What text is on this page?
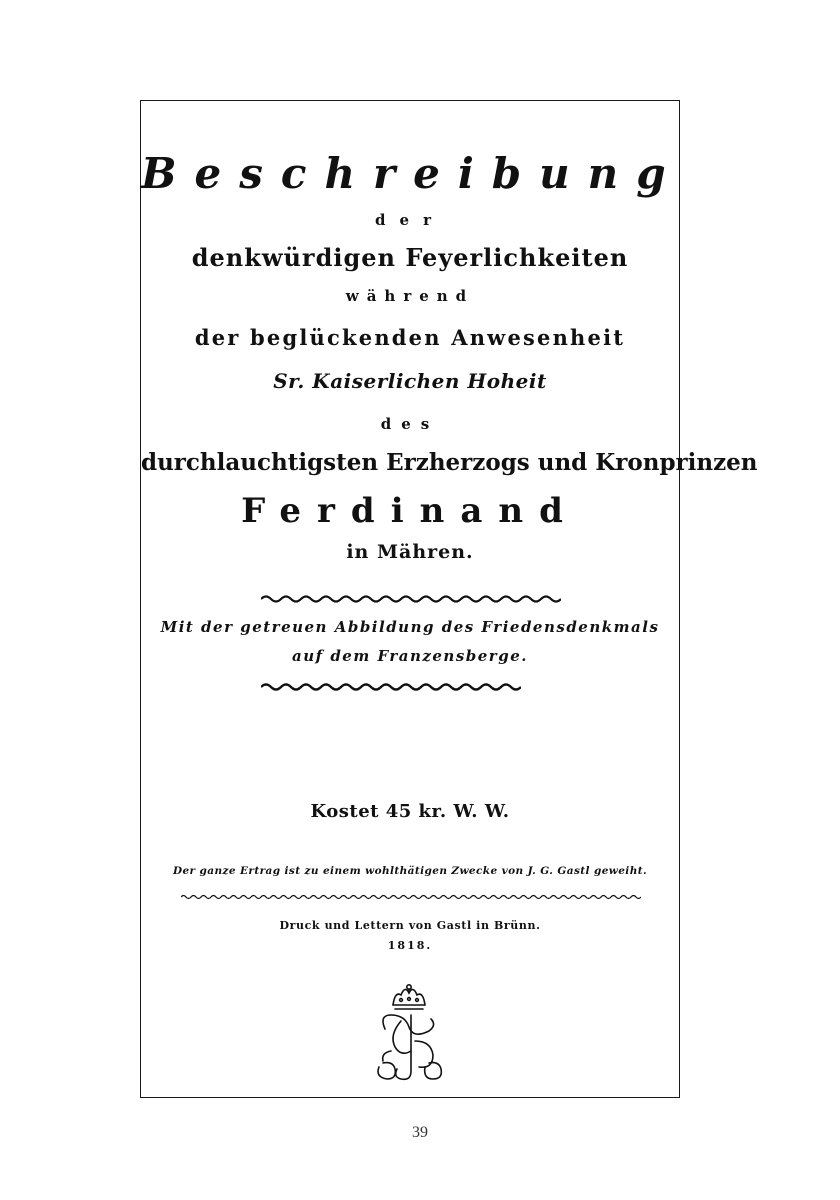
Beschreibung
der
denkwürdigen Feyerlichkeiten
während
der beglückenden Anwesenheit
Sr. Kaiserlichen Hoheit
des
durchlauchtigsten Erzherzogs und Kronprinzen
Ferdinand
in Mähren.
Mit der getreuen Abbildung des Friedensdenkmals
auf dem Franzensberge.
Kostet 45 kr. W. W.
Der ganze Ertrag ist zu einem wohlthätigen Zwecke von J. G. Gastl geweiht.
Druck und Lettern von Gastl in Brünn.
1818.
39
